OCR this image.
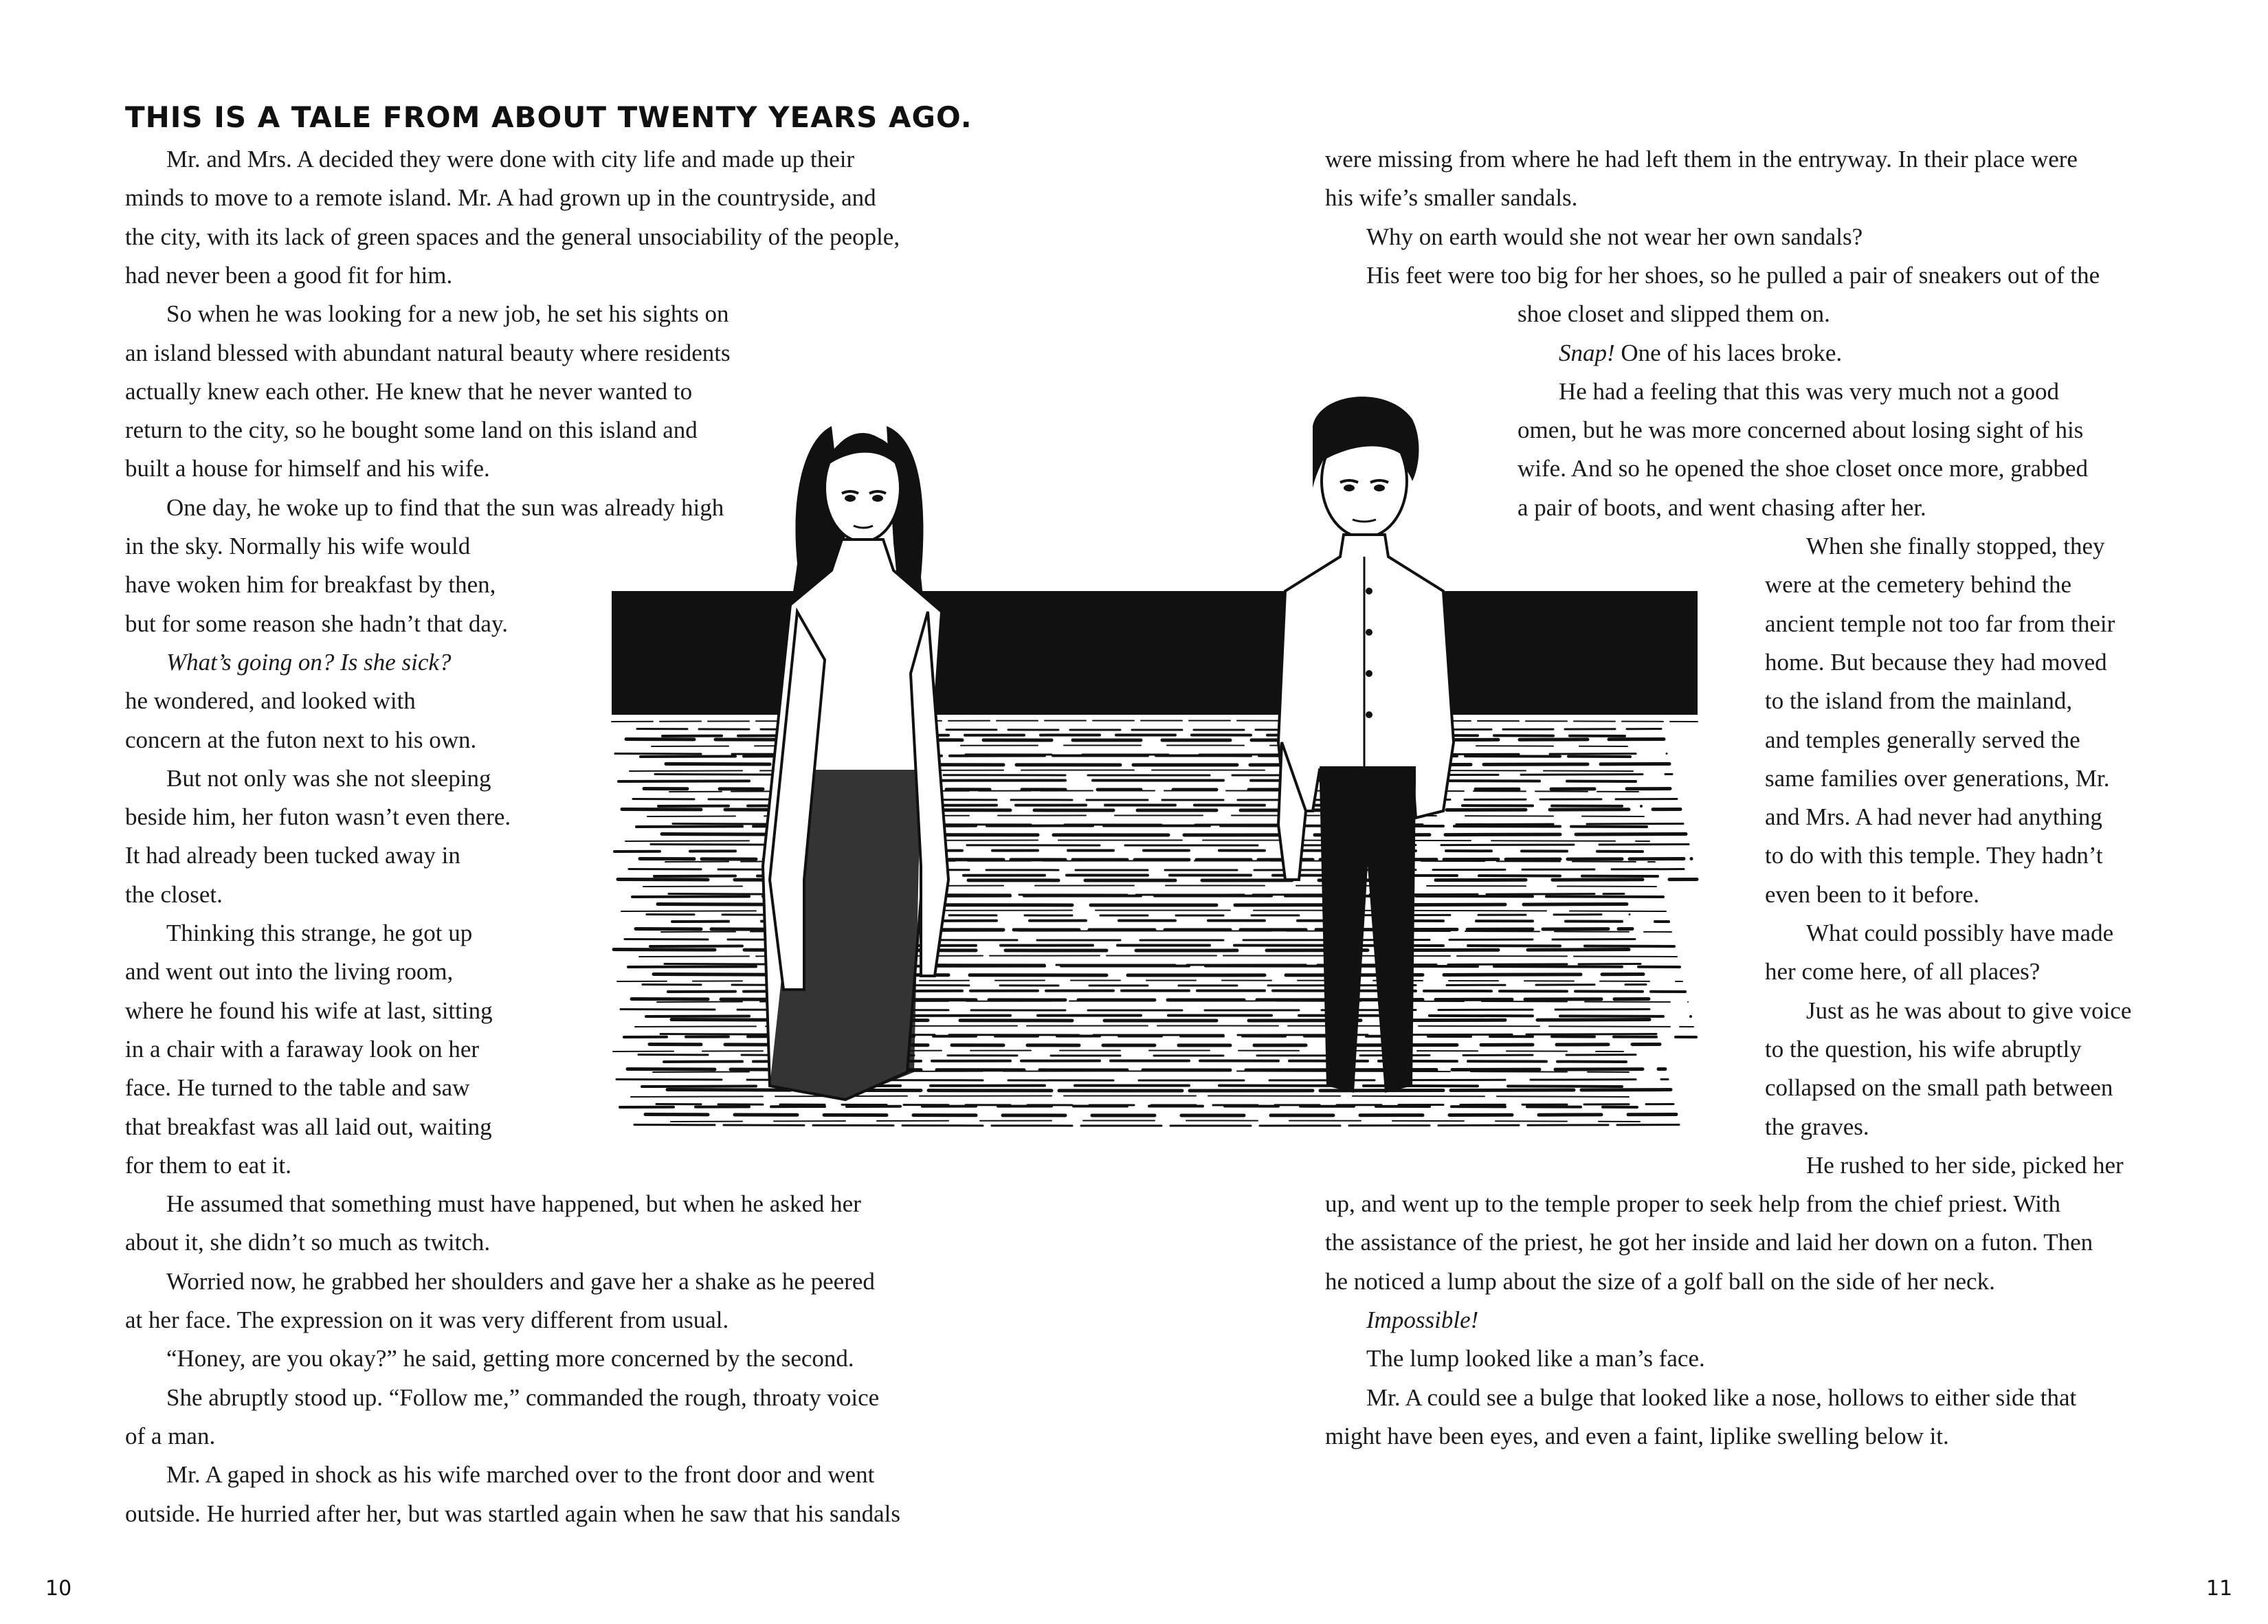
THIS IS A TALE FROM ABOUT TWENTY YEARS AGO.
Mr. and Mrs. A decided they were done with city life and made up their
minds to move to a remote island. Mr. A had grown up in the countryside, and
the city, with its lack of green spaces and the general unsociability of the people,
had never been a good fit for him.
So when he was looking for a new job, he set his sights on
an island blessed with abundant natural beauty where residents
actually knew each other. He knew that he never wanted to
return to the city, so he bought some land on this island and
built a house for himself and his wife.
One day, he woke up to find that the sun was already high
in the sky. Normally his wife would
have woken him for breakfast by then,
but for some reason she hadn’t that day.
What’s going on? Is she sick?
he wondered, and looked with
concern at the futon next to his own.
But not only was she not sleeping
beside him, her futon wasn’t even there.
It had already been tucked away in
the closet.
Thinking this strange, he got up
and went out into the living room,
where he found his wife at last, sitting
in a chair with a faraway look on her
face. He turned to the table and saw
that breakfast was all laid out, waiting
for them to eat it.
He assumed that something must have happened, but when he asked her
about it, she didn’t so much as twitch.
Worried now, he grabbed her shoulders and gave her a shake as he peered
at her face. The expression on it was very different from usual.
“Honey, are you okay?” he said, getting more concerned by the second.
She abruptly stood up. “Follow me,” commanded the rough, throaty voice
of a man.
Mr. A gaped in shock as his wife marched over to the front door and went
outside. He hurried after her, but was startled again when he saw that his sandals
were missing from where he had left them in the entryway. In their place were
his wife’s smaller sandals.
Why on earth would she not wear her own sandals?
His feet were too big for her shoes, so he pulled a pair of sneakers out of the
shoe closet and slipped them on.
Snap! One of his laces broke.
He had a feeling that this was very much not a good
omen, but he was more concerned about losing sight of his
wife. And so he opened the shoe closet once more, grabbed
a pair of boots, and went chasing after her.
When she finally stopped, they
were at the cemetery behind the
ancient temple not too far from their
home. But because they had moved
to the island from the mainland,
and temples generally served the
same families over generations, Mr.
and Mrs. A had never had anything
to do with this temple. They hadn’t
even been to it before.
What could possibly have made
her come here, of all places?
Just as he was about to give voice
to the question, his wife abruptly
collapsed on the small path between
the graves.
He rushed to her side, picked her
up, and went up to the temple proper to seek help from the chief priest. With
the assistance of the priest, he got her inside and laid her down on a futon. Then
he noticed a lump about the size of a golf ball on the side of her neck.
Impossible!
The lump looked like a man’s face.
Mr. A could see a bulge that looked like a nose, hollows to either side that
might have been eyes, and even a faint, liplike swelling below it.
10	11
